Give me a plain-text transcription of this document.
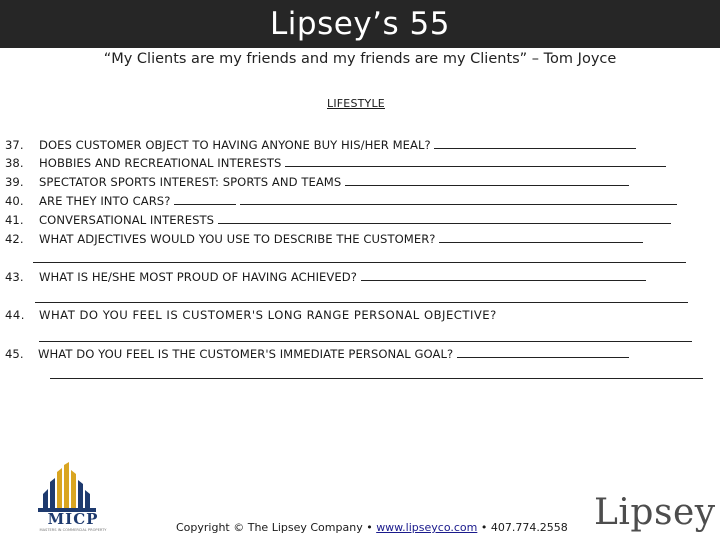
Lipsey’s 55
“My Clients are my friends and my friends are my Clients” – Tom Joyce
LIFESTYLE
37. DOES CUSTOMER OBJECT TO HAVING ANYONE BUY HIS/HER MEAL?
38. HOBBIES AND RECREATIONAL INTERESTS
39. SPECTATOR SPORTS INTEREST: SPORTS AND TEAMS
40. ARE THEY INTO CARS?
41. CONVERSATIONAL INTERESTS
42. WHAT ADJECTIVES WOULD YOU USE TO DESCRIBE THE CUSTOMER?
43. WHAT IS HE/SHE MOST PROUD OF HAVING ACHIEVED?
44. WHAT DO YOU FEEL IS CUSTOMER'S LONG RANGE PERSONAL OBJECTIVE?
45. WHAT DO YOU FEEL IS THE CUSTOMER'S IMMEDIATE PERSONAL GOAL?
MICP
MASTERS IN COMMERCIAL PROPERTY	Copyright © The Lipsey Company • www.lipseyco.com • 407.774.2558 Lipsey
